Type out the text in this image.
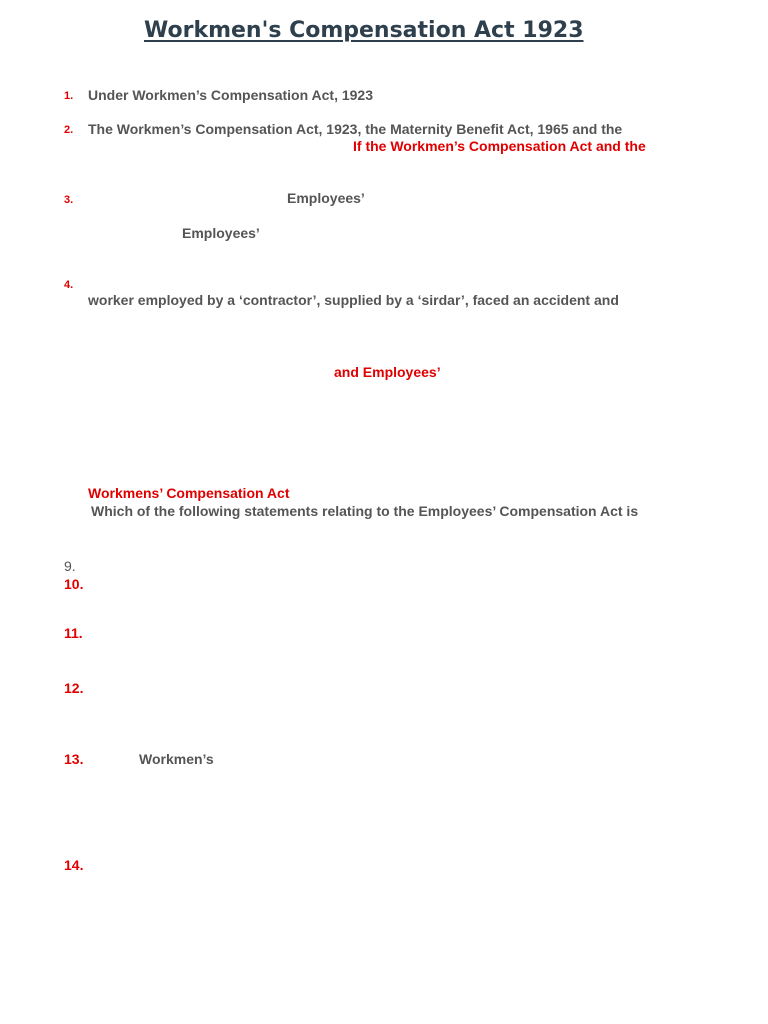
Workmen's Compensation Act 1923
1. Under Workmen’s Compensation Act, 1923
2. The Workmen’s Compensation Act, 1923, the Maternity Benefit Act, 1965 and the
If the Workmen’s Compensation Act and the
3.	Employees’
Employees’
4.
worker employed by a ‘contractor’, supplied by a ‘sirdar’, faced an accident and
and Employees’
Workmens’ Compensation Act
Which of the following statements relating to the Employees’ Compensation Act is
9.
10.
11.
12.
13.	Workmen’s
14.
